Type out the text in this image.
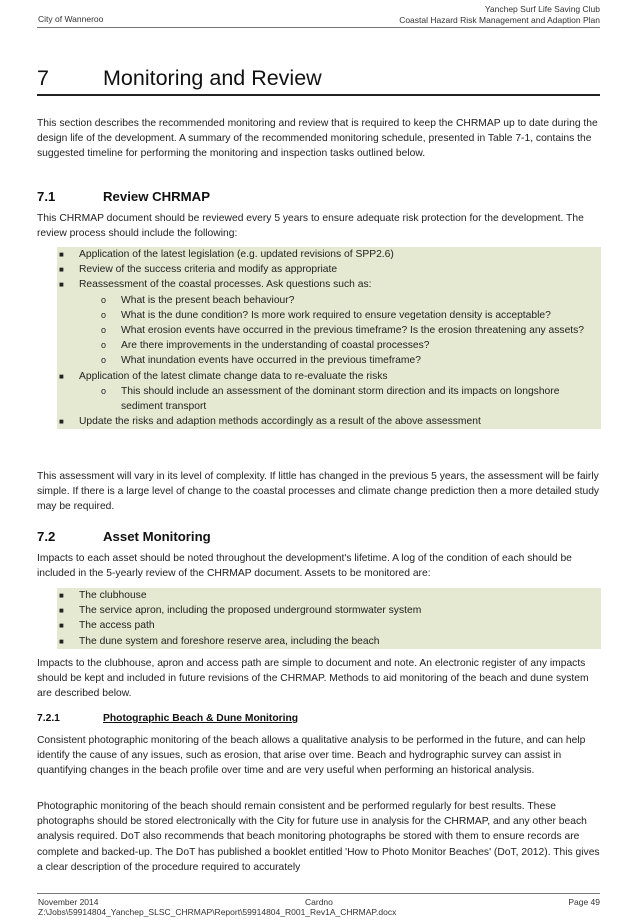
City of Wanneroo
Yanchep Surf Life Saving Club
Coastal Hazard Risk Management and Adaption Plan
7	Monitoring and Review
This section describes the recommended monitoring and review that is required to keep the CHRMAP up to date during the design life of the development. A summary of the recommended monitoring schedule, presented in Table 7-1, contains the suggested timeline for performing the monitoring and inspection tasks outlined below.
7.1	Review CHRMAP
This CHRMAP document should be reviewed every 5 years to ensure adequate risk protection for the development. The review process should include the following:
■ Application of the latest legislation (e.g. updated revisions of SPP2.6)
■ Review of the success criteria and modify as appropriate
■ Reassessment of the coastal processes. Ask questions such as:
o What is the present beach behaviour?
o What is the dune condition? Is more work required to ensure vegetation density is acceptable?
o What erosion events have occurred in the previous timeframe? Is the erosion threatening any assets?
o Are there improvements in the understanding of coastal processes?
o What inundation events have occurred in the previous timeframe?
■ Application of the latest climate change data to re-evaluate the risks
o This should include an assessment of the dominant storm direction and its impacts on longshore sediment transport
■ Update the risks and adaption methods accordingly as a result of the above assessment
This assessment will vary in its level of complexity. If little has changed in the previous 5 years, the assessment will be fairly simple. If there is a large level of change to the coastal processes and climate change prediction then a more detailed study may be required.
7.2	Asset Monitoring
Impacts to each asset should be noted throughout the development's lifetime. A log of the condition of each should be included in the 5-yearly review of the CHRMAP document. Assets to be monitored are:
■ The clubhouse
■ The service apron, including the proposed underground stormwater system
■ The access path
■ The dune system and foreshore reserve area, including the beach
Impacts to the clubhouse, apron and access path are simple to document and note. An electronic register of any impacts should be kept and included in future revisions of the CHRMAP. Methods to aid monitoring of the beach and dune system are described below.
7.2.1	Photographic Beach & Dune Monitoring
Consistent photographic monitoring of the beach allows a qualitative analysis to be performed in the future, and can help identify the cause of any issues, such as erosion, that arise over time. Beach and hydrographic survey can assist in quantifying changes in the beach profile over time and are very useful when performing an historical analysis.
Photographic monitoring of the beach should remain consistent and be performed regularly for best results. These photographs should be stored electronically with the City for future use in analysis for the CHRMAP, and any other beach analysis required. DoT also recommends that beach monitoring photographs be stored with them to ensure records are complete and backed-up. The DoT has published a booklet entitled 'How to Photo Monitor Beaches' (DoT, 2012). This gives a clear description of the procedure required to accurately
November 2014	Cardno	Page 49
Z:\Jobs\59914804_Yanchep_SLSC_CHRMAP\Report\59914804_R001_Rev1A_CHRMAP.docx
